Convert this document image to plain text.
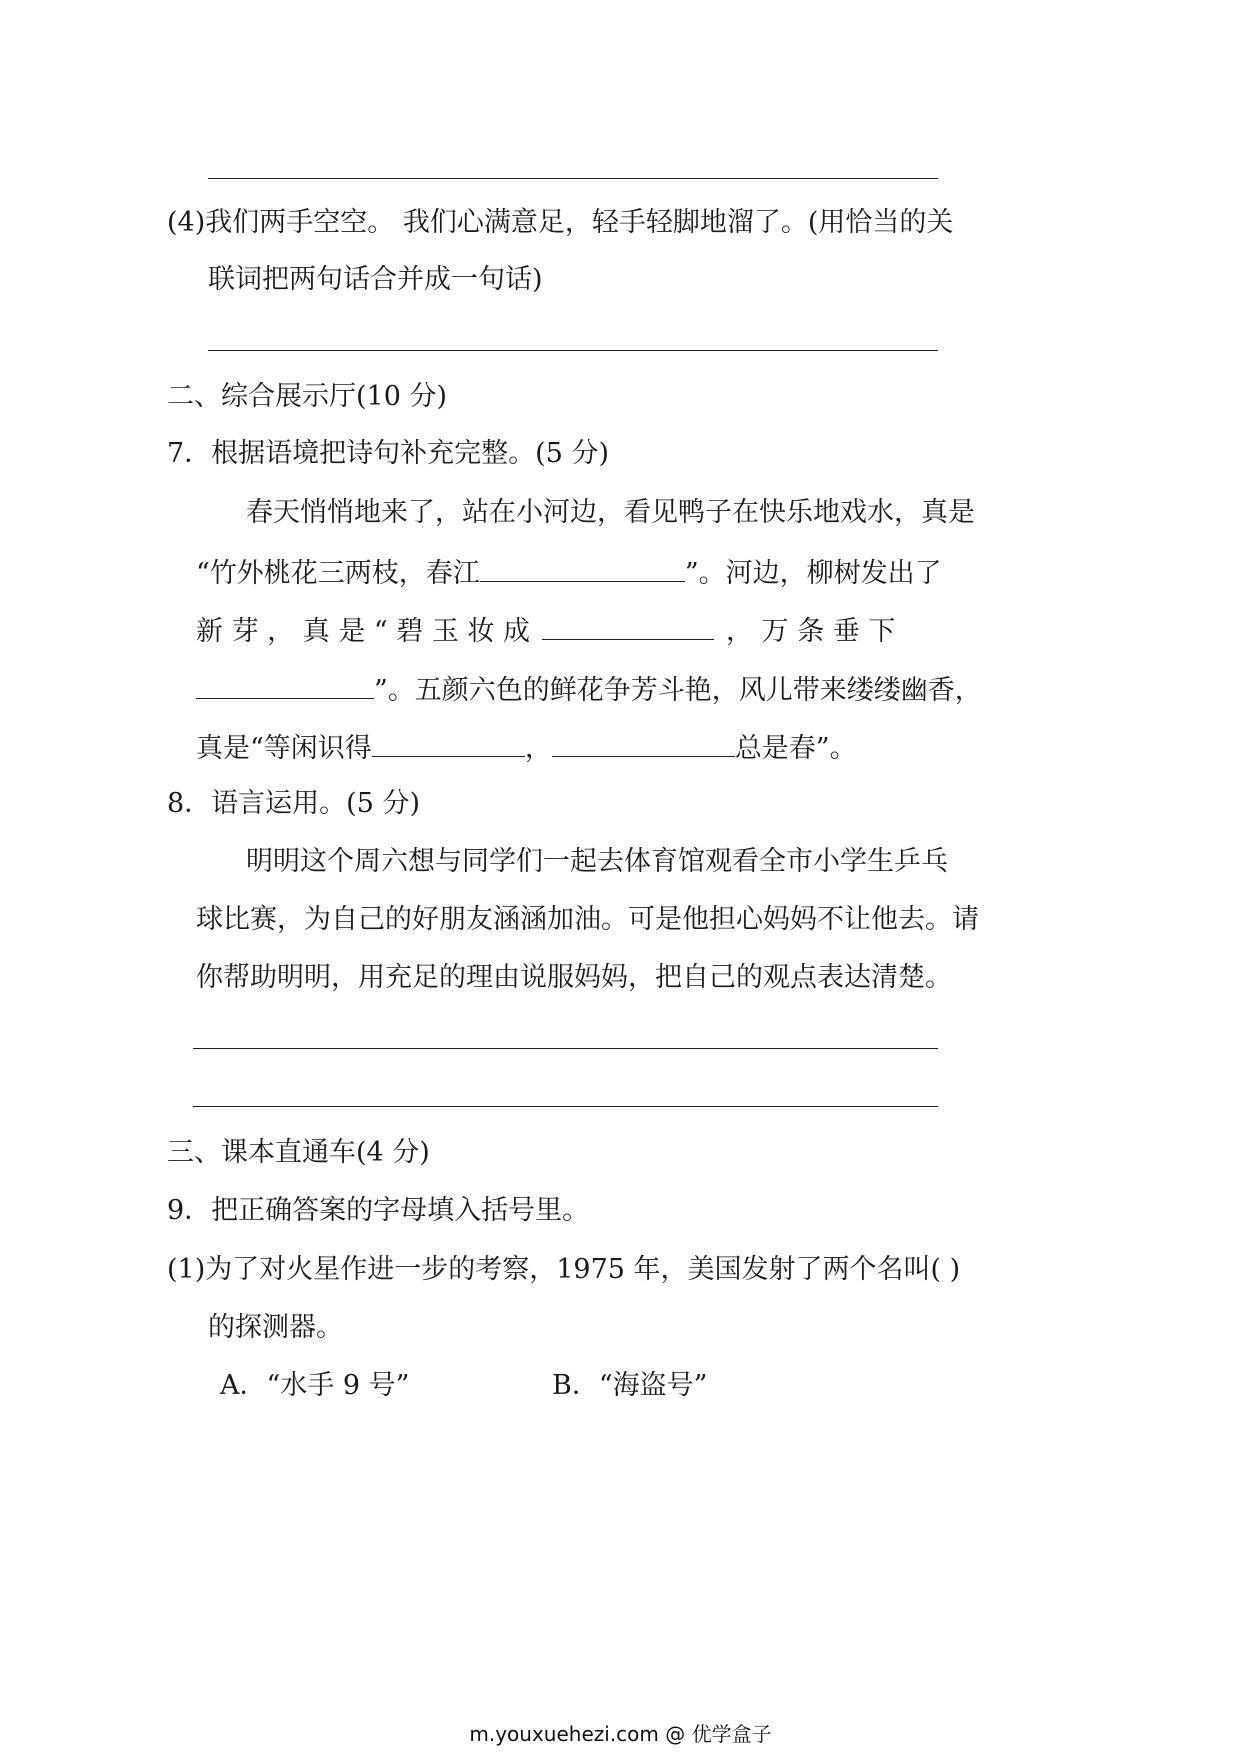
(4)我们两手空空。 我们心满意足，轻手轻脚地溜了。(用恰当的关
联词把两句话合并成一句话)
二、综合展示厅(10 分)
7．根据语境把诗句补充完整。(5 分)
春天悄悄地来了，站在小河边，看见鸭子在快乐地戏水，真是
“竹外桃花三两枝，春江	”。河边，柳树发出了
新 芽 ， 真 是 “ 碧 玉 妆 成	， 万 条 垂 下
”。五颜六色的鲜花争芳斗艳，风儿带来缕缕幽香，
真是“等闲识得	，	总是春”。
8．语言运用。(5 分)
明明这个周六想与同学们一起去体育馆观看全市小学生乒乓
球比赛，为自己的好朋友涵涵加油。可是他担心妈妈不让他去。请
你帮助明明，用充足的理由说服妈妈，把自己的观点表达清楚。
三、课本直通车(4 分)
9．把正确答案的字母填入括号里。
(1)为了对火星作进一步的考察，1975 年，美国发射了两个名叫( )
的探测器。
A．“水手 9 号”	B．“海盗号”
m.youxuehezi.com @ 优学盒子
